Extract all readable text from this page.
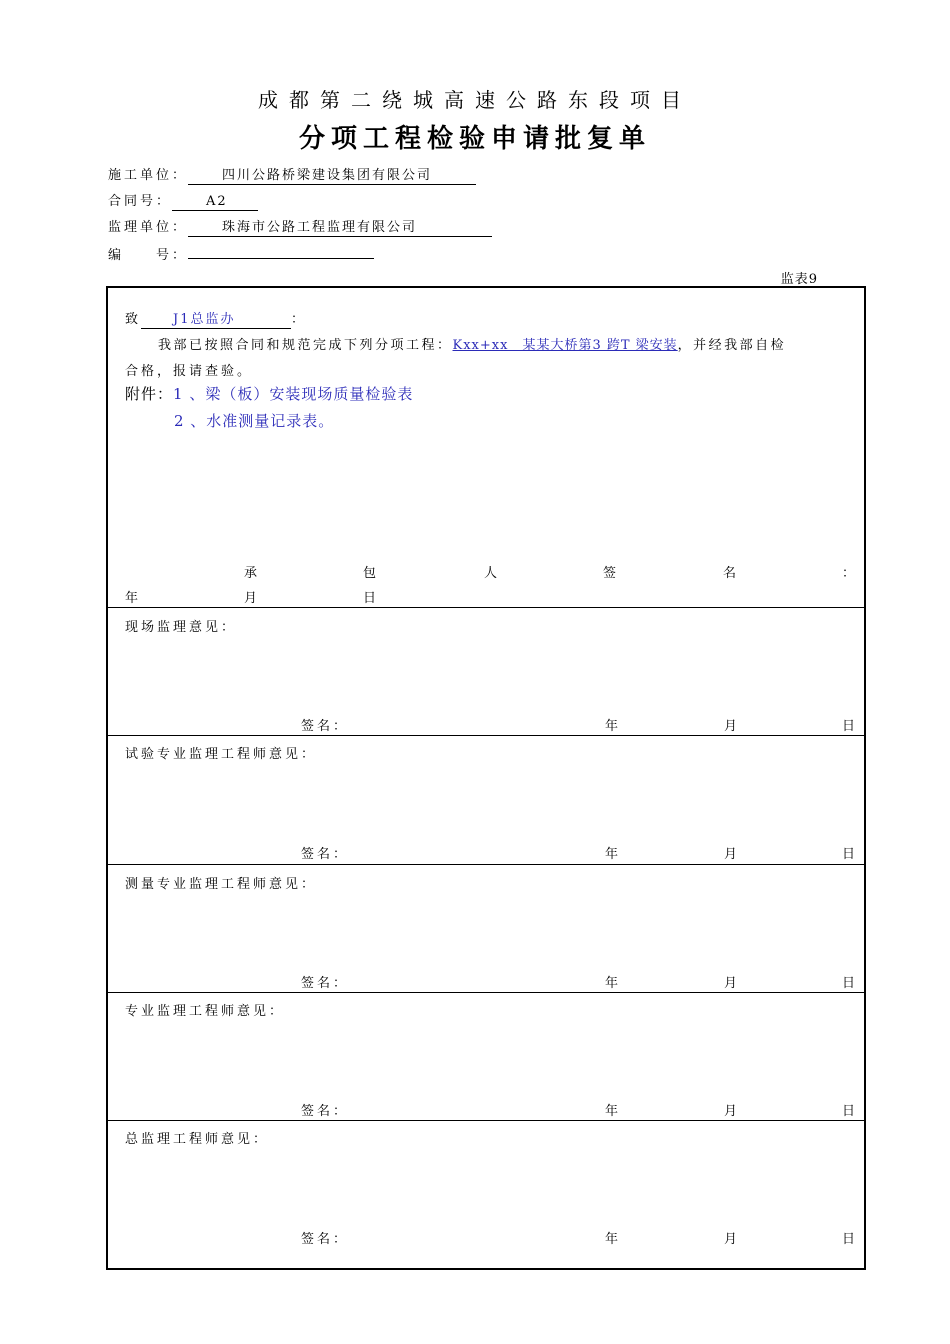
成都第二绕城高速公路东段项目
分项工程检验申请批复单
施工单位：	四川公路桥梁建设集团有限公司
合同号：	A2
监理单位：	珠海市公路工程监理有限公司
编　　号：
监表9
致 J1总监办	：
我部已按照合同和规范完成下列分项工程：Kxx+xx　某某大桥第3 跨T 梁安装，并经我部自检
合格，报请查验。
附件：1 、梁（板）安装现场质量检验表
2 、水准测量记录表。
承	包	人	签	名	：
年	月	日
现场监理意见：
签名：	年	月	日
试验专业监理工程师意见：
签名：	年	月	日
测量专业监理工程师意见：
签名：	年	月	日
专业监理工程师意见：
签名：	年	月	日
总监理工程师意见：
签名：	年	月	日
